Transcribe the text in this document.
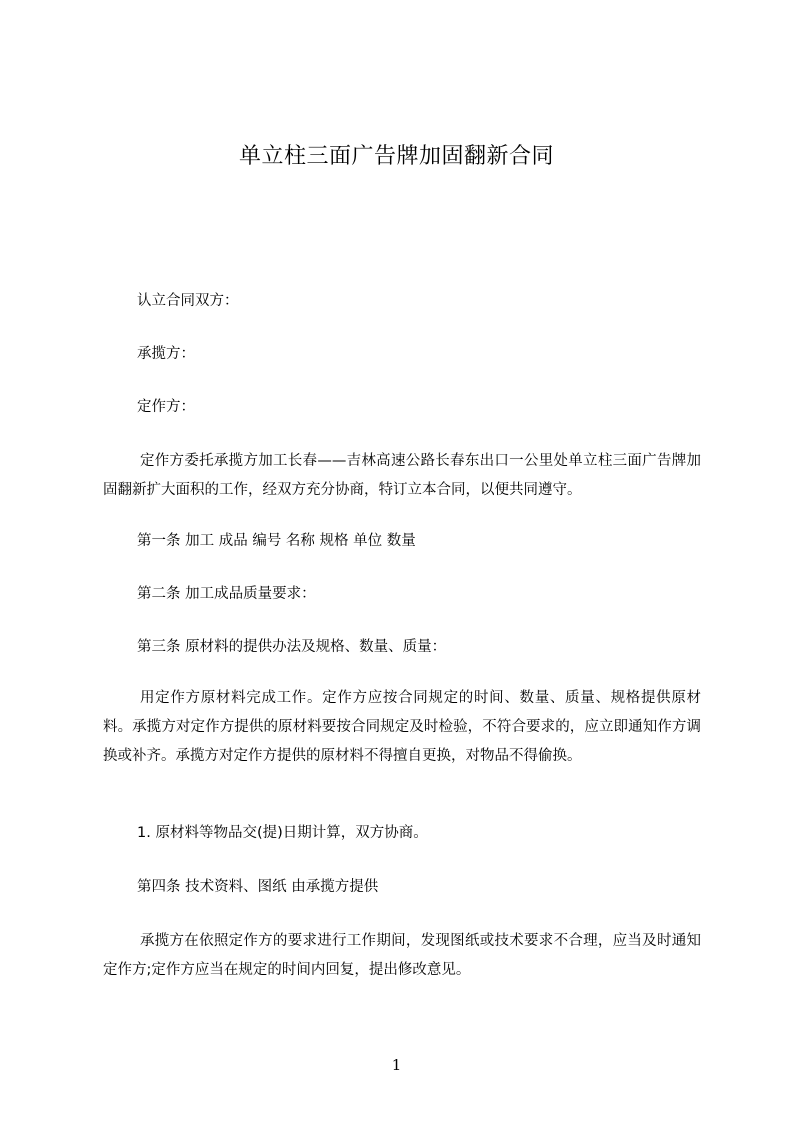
单立柱三面广告牌加固翻新合同
认立合同双方：
承揽方：
定作方：
定作方委托承揽方加工长春——吉林高速公路长春东出口一公里处单立柱三面广告牌加固翻新扩大面积的工作，经双方充分协商，特订立本合同，以便共同遵守。
第一条 加工 成品 编号 名称 规格 单位 数量
第二条 加工成品质量要求：
第三条 原材料的提供办法及规格、数量、质量：
用定作方原材料完成工作。定作方应按合同规定的时间、数量、质量、规格提供原材料。承揽方对定作方提供的原材料要按合同规定及时检验，不符合要求的，应立即通知作方调换或补齐。承揽方对定作方提供的原材料不得擅自更换，对物品不得偷换。
1. 原材料等物品交(提)日期计算，双方协商。
第四条 技术资料、图纸 由承揽方提供
承揽方在依照定作方的要求进行工作期间，发现图纸或技术要求不合理，应当及时通知定作方;定作方应当在规定的时间内回复，提出修改意见。
1
